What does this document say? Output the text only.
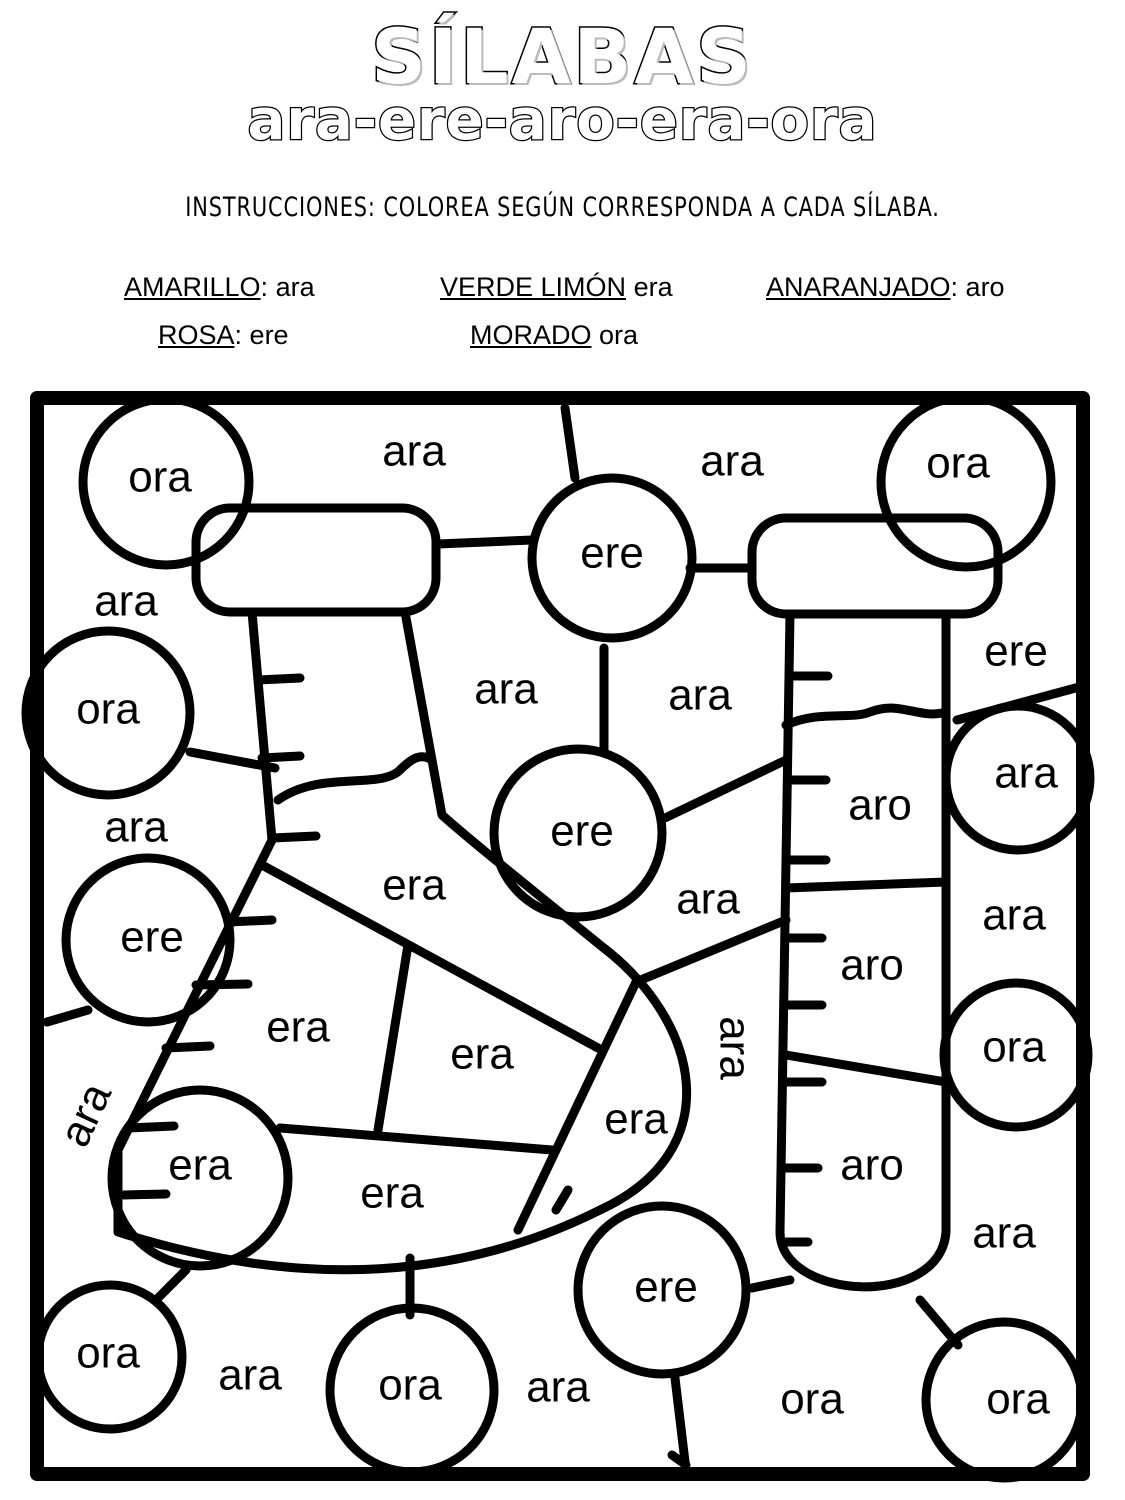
SÍLABAS
ara-ere-aro-era-ora
INSTRUCCIONES: COLOREA SEGÚN CORRESPONDA A CADA SÍLABA.
AMARILLO: ara	VERDE LIMÓN era	ANARANJADO: aro
ROSA: ere	MORADO ora
ora
ara	ara	ora
ere
ara
ere
ara	ara
ara
ora
ere
aro
ara
era	ara
ere	ara
aro
era
era	ora
ara
era
era	aro
era
ara
ere
ora
ara
ora
ara	ora
ara	ora
